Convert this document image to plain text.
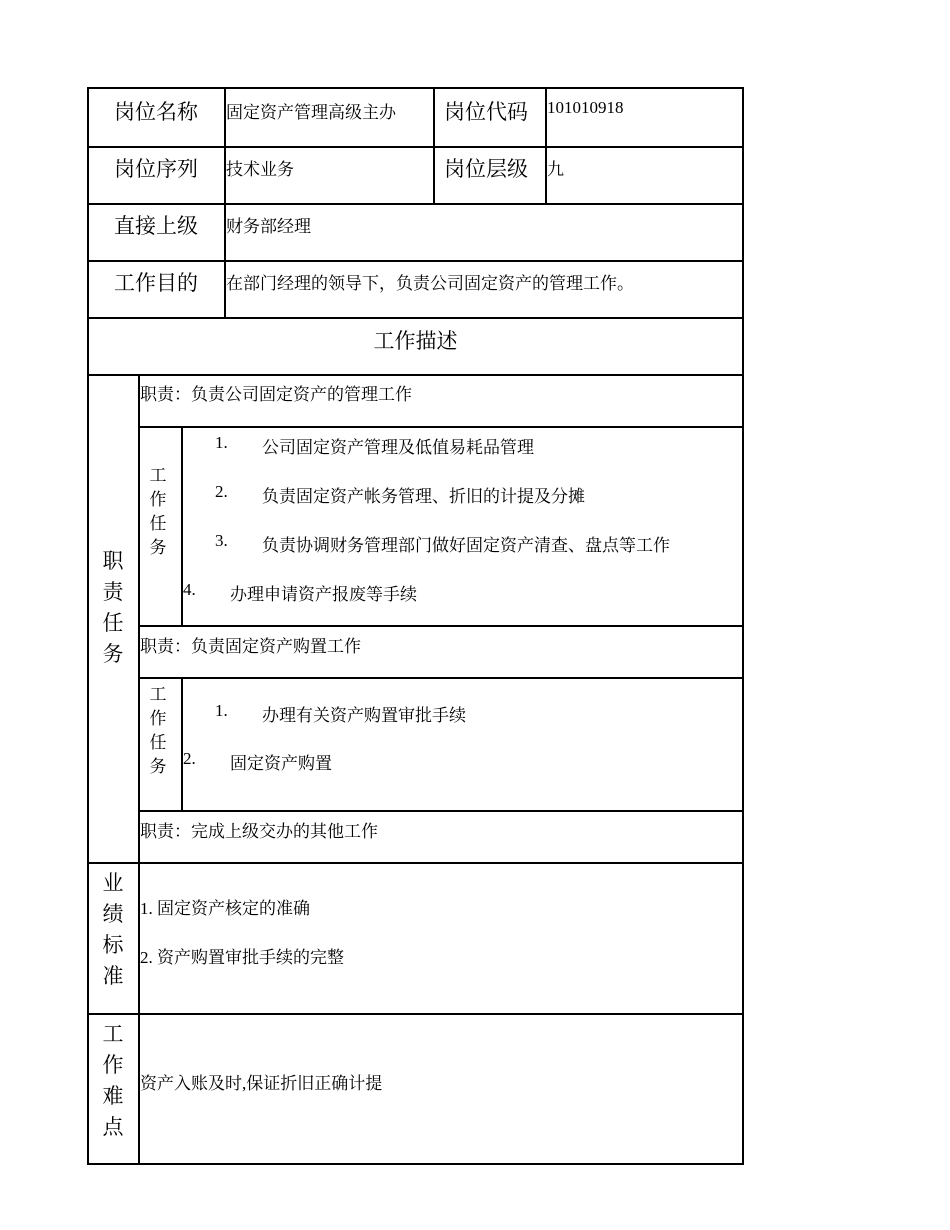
岗位名称 固定资产管理高级主办 岗位代码 101010918
岗位序列 技术业务	岗位层级 九
直接上级 财务部经理
工作目的 在部门经理的领导下，负责公司固定资产的管理工作。
工作描述
职
责
任
务
职责：负责公司固定资产的管理工作
工
作
任
务
1. 公司固定资产管理及低值易耗品管理
2. 负责固定资产帐务管理、折旧的计提及分摊
3. 负责协调财务管理部门做好固定资产清查、盘点等工作
4. 办理申请资产报废等手续
职责：负责固定资产购置工作
工
作
任
务
1. 办理有关资产购置审批手续
2. 固定资产购置
职责：完成上级交办的其他工作
业
绩
标
准
1. 固定资产核定的准确
2. 资产购置审批手续的完整
工
作
难
点
资产入账及时,保证折旧正确计提
